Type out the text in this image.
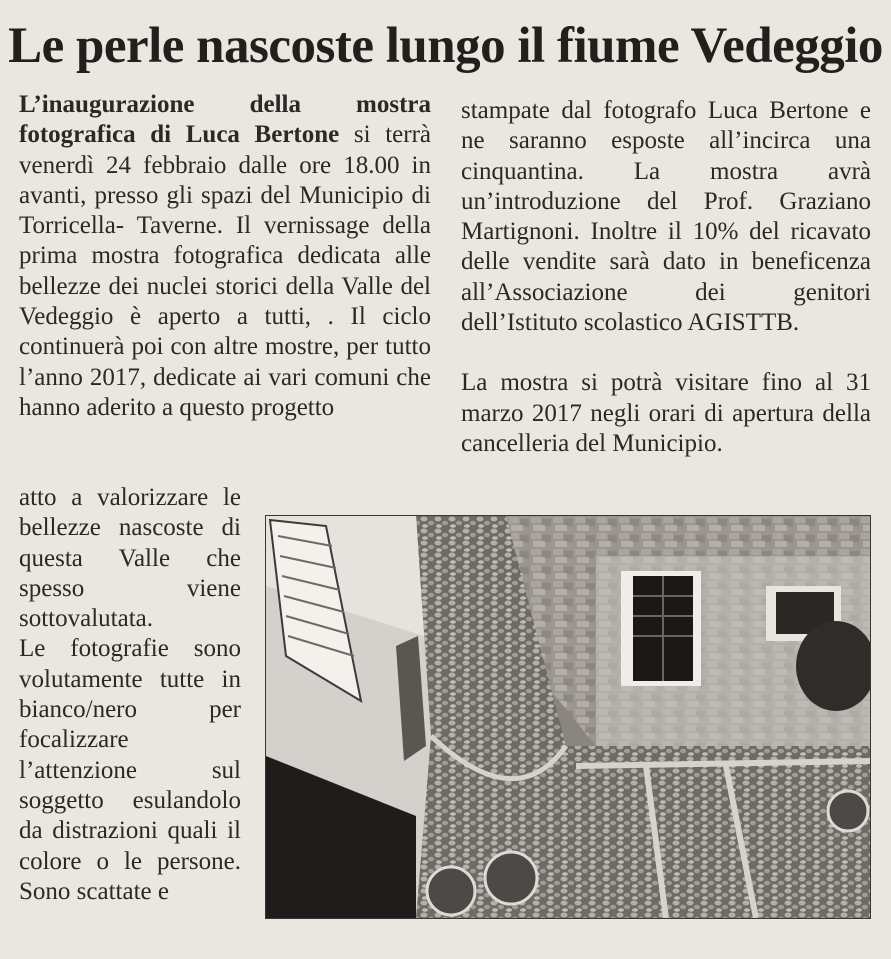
Le perle nascoste lungo il fiume Vedeggio
L’inaugurazione della mostra fotografica di Luca Bertone si terrà venerdì 24 febbraio dalle ore 18.00 in avanti, presso gli spazi del Municipio di Torricella- Taverne. Il vernissage della prima mostra fotografica dedicata alle bellezze dei nuclei storici della Valle del Vedeggio è aperto a tutti, . Il ciclo continuerà poi con altre mostre, per tutto l’anno 2017, dedicate ai vari comuni che hanno aderito a questo progetto
atto a valorizzare le bellezze nascoste di questa Valle che spesso viene sottovalutata.
Le fotografie sono volutamente tutte in bianco/nero per focalizzare l’attenzione sul soggetto esulandolo da distrazioni quali il colore o le persone. Sono scattate e
stampate dal fotografo Luca Bertone e ne saranno esposte all’incirca una cinquantina. La mostra avrà un’introduzione del Prof. Graziano Martignoni. Inoltre il 10% del ricavato delle vendite sarà dato in beneficenza all’Associazione dei genitori dell’Istituto scolastico AGISTTB.
La mostra si potrà visitare fino al 31 marzo 2017 negli orari di apertura della cancelleria del Municipio.
